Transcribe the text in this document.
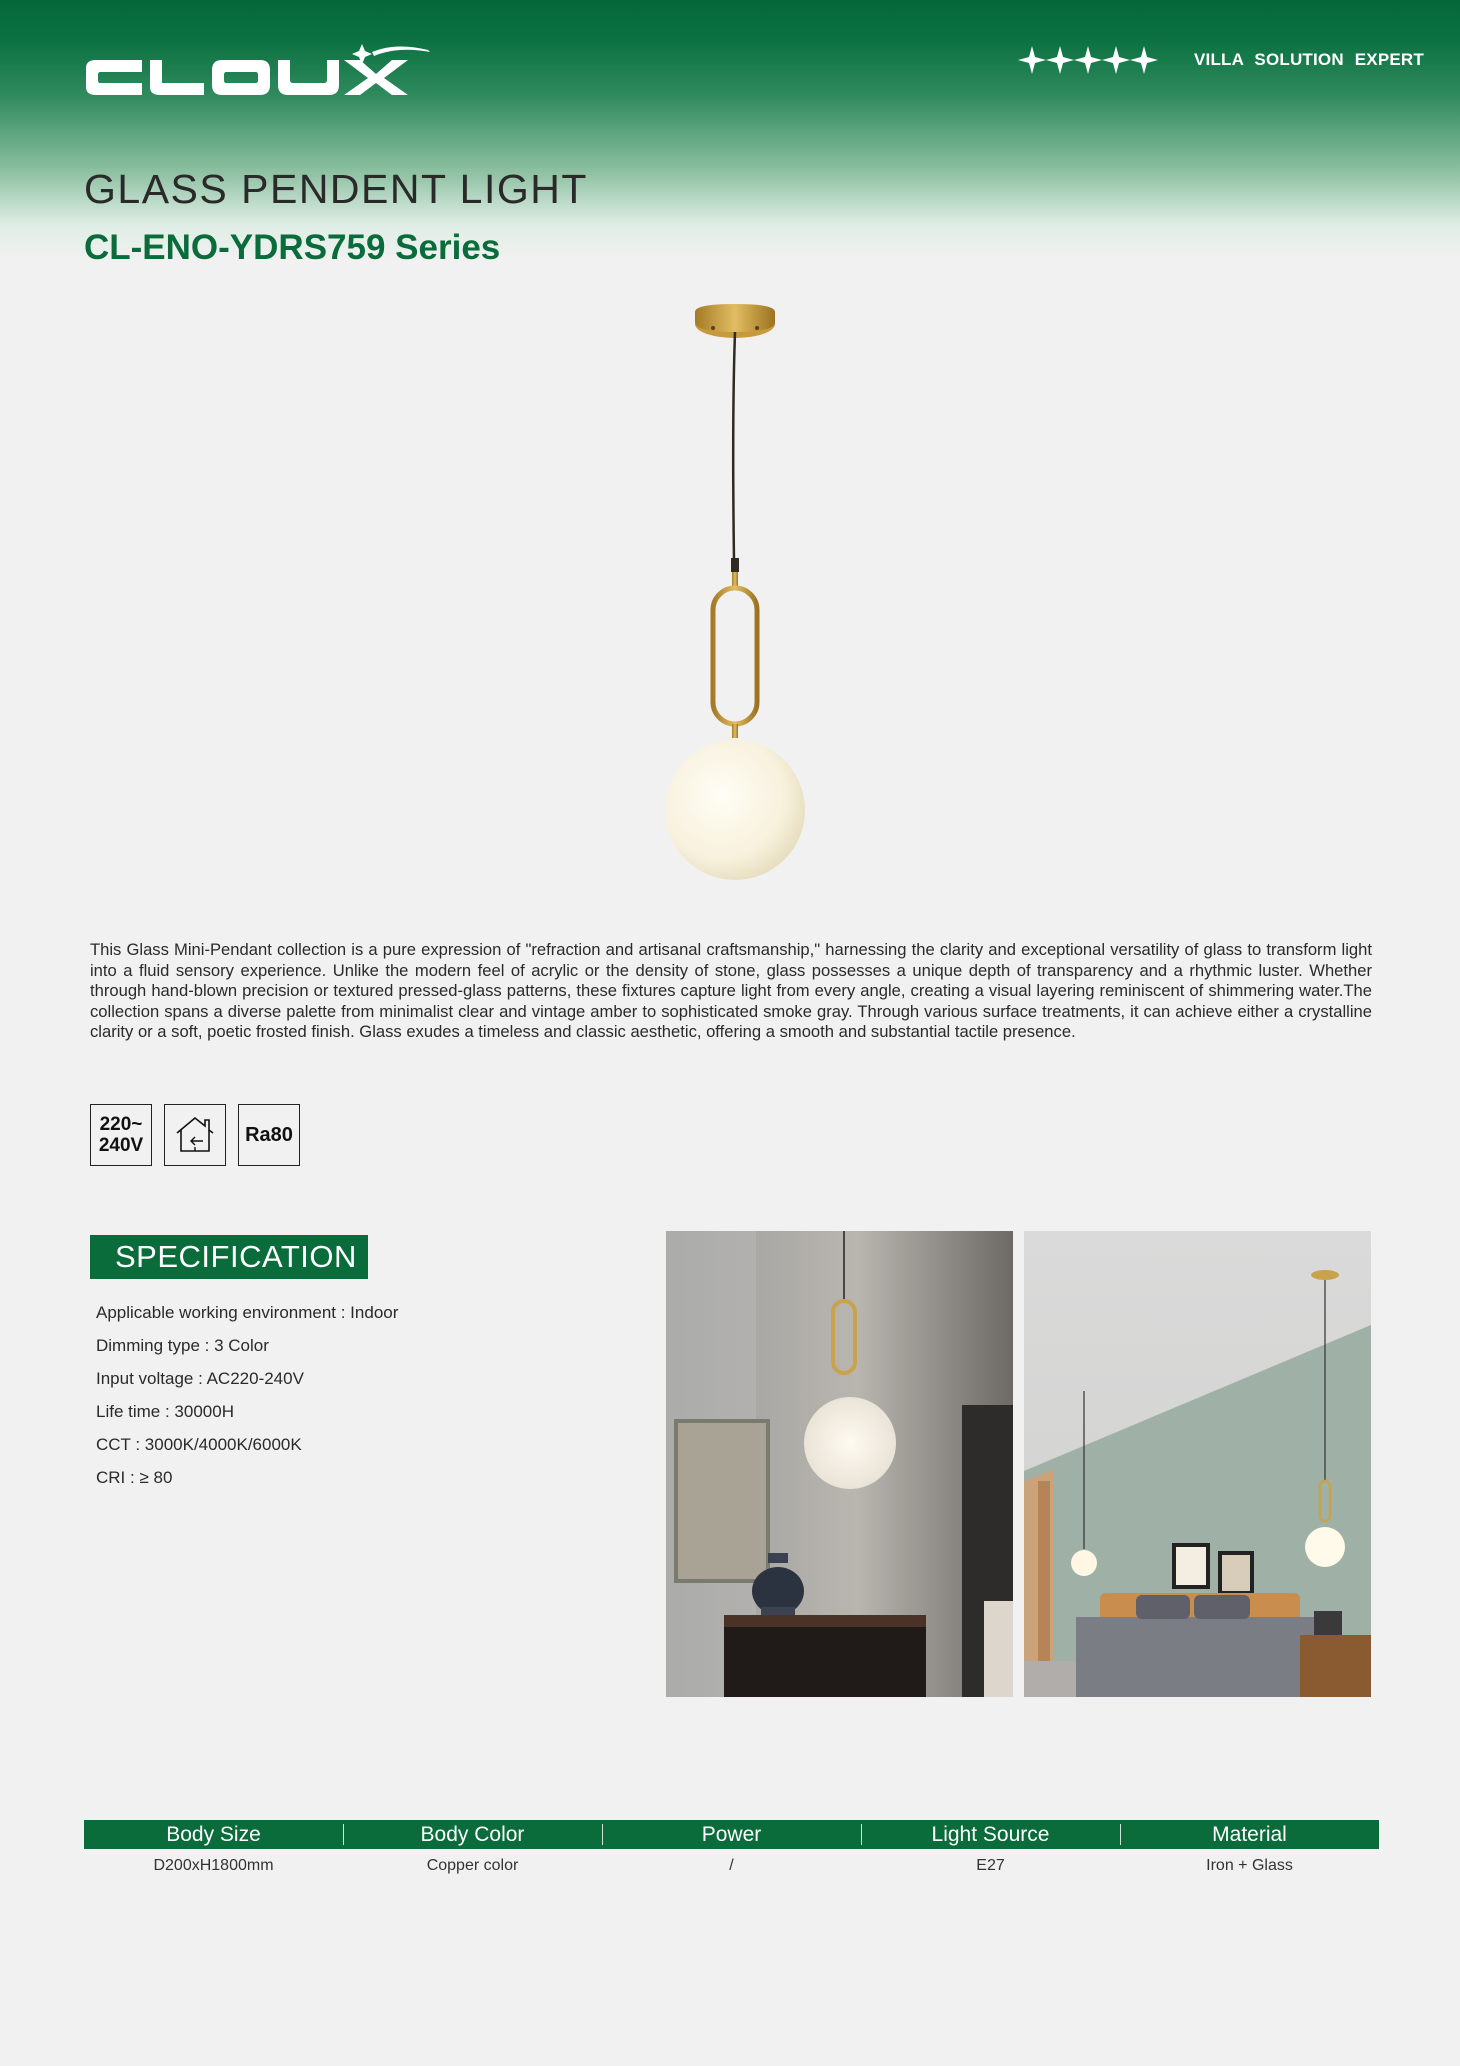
VILLA SOLUTION EXPERT
GLASS PENDENT LIGHT
CL-ENO-YDRS759 Series

This Glass Mini-Pendant collection is a pure expression of "refraction and artisanal craftsmanship," harnessing the clarity and exceptional versatility of glass to transform light into a fluid sensory experience. Unlike the modern feel of acrylic or the density of stone, glass possesses a unique depth of transparency and a rhythmic luster. Whether through hand-blown precision or textured pressed-glass patterns, these fixtures capture light from every angle, creating a visual layering reminiscent of shimmering water.The collection spans a diverse palette from minimalist clear and vintage amber to sophisticated smoke gray. Through various surface treatments, it can achieve either a crystalline clarity or a soft, poetic frosted finish. Glass exudes a timeless and classic aesthetic, offering a smooth and substantial tactile presence.

220~
240V	Ra80
SPECIFICATION
Applicable working environment : Indoor
Dimming type : 3 Color
Input voltage : AC220-240V
Life time : 30000H
CCT : 3000K/4000K/6000K
CRI : ≥ 80
Body Size	Body Color	Power	Light Source	Material
D200xH1800mm	Copper color	/	E27	Iron + Glass
